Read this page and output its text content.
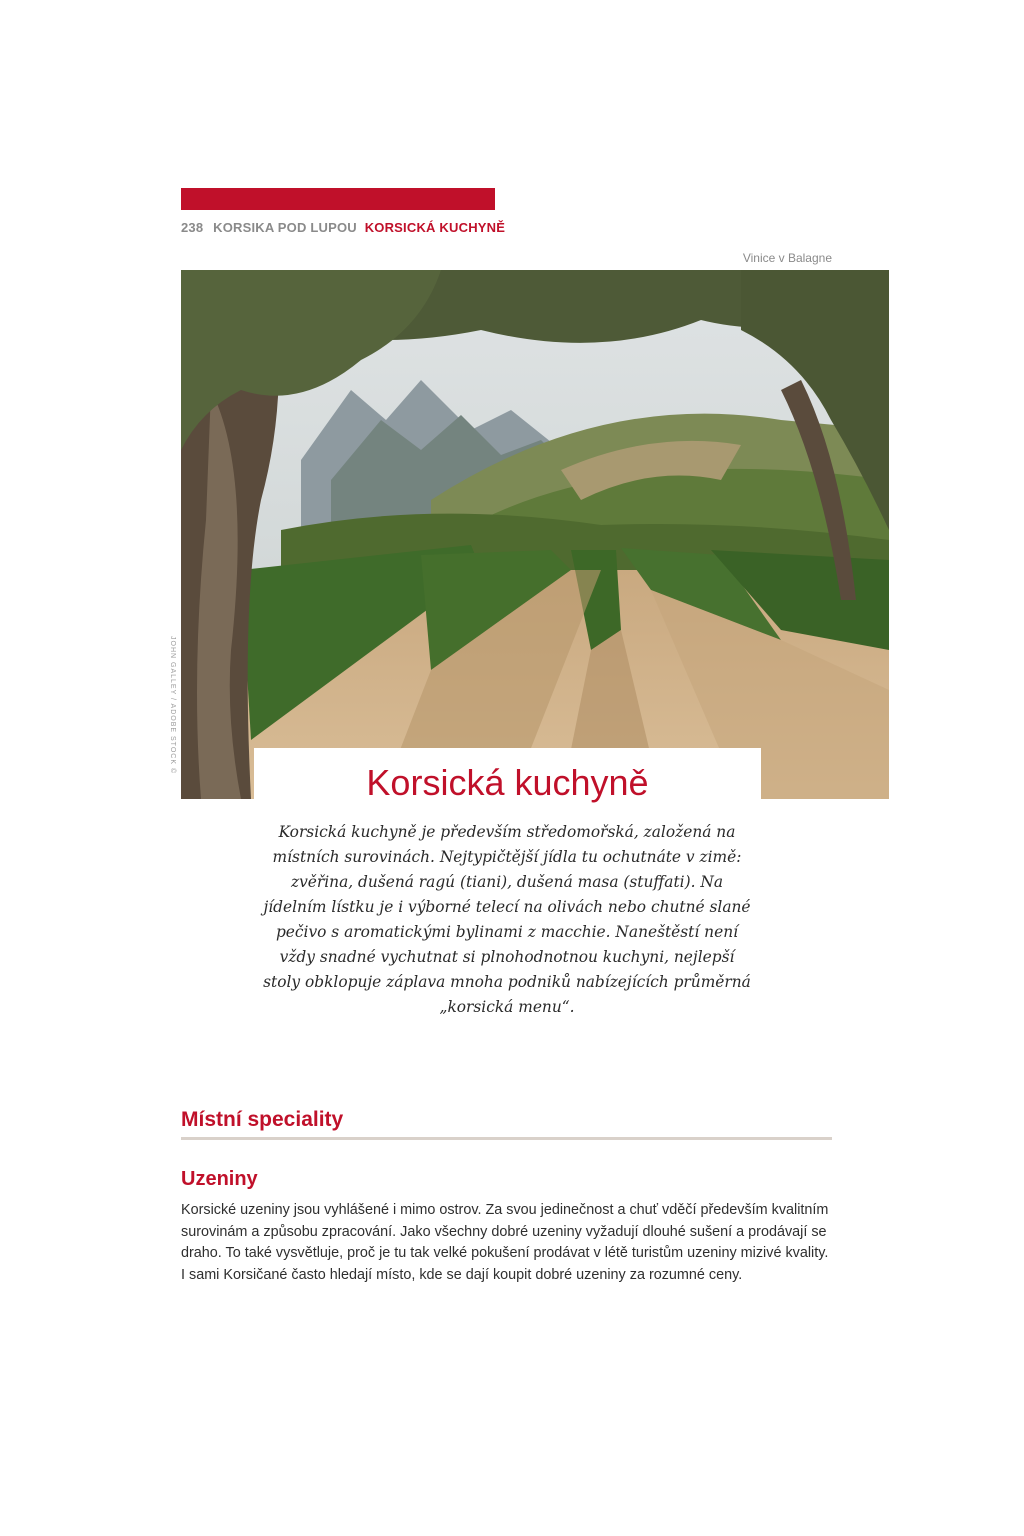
238 KORSIKA POD LUPOU KORSICKÁ KUCHYNĚ
Vinice v Balagne
JOHN GALLEY / ADOBE STOCK ©
Korsická kuchyně

Korsická kuchyně je především středomořská, založená na místních surovinách. Nejtypičtější jídla tu ochutnáte v zimě: zvěřina, dušená ragú (tiani), dušená masa (stuffati). Na jídelním lístku je i výborné telecí na olivách nebo chutné slané pečivo s aromatickými bylinami z macchie. Naneštěstí není vždy snadné vychutnat si plnohodnotnou kuchyni, nejlepší stoly obklopuje záplava mnoha podniků nabízejících průměrná „korsická menu“.

Místní speciality
Uzeniny

Korsické uzeniny jsou vyhlášené i mimo ostrov. Za svou jedinečnost a chuť vděčí především kvalitním surovinám a způsobu zpracování. Jako všechny dobré uzeniny vyžadují dlouhé sušení a prodávají se draho. To také vysvětluje, proč je tu tak velké pokušení prodávat v létě turistům uzeniny mizivé kvality. I sami Korsičané často hledají místo, kde se dají koupit dobré uzeniny za rozumné ceny.
